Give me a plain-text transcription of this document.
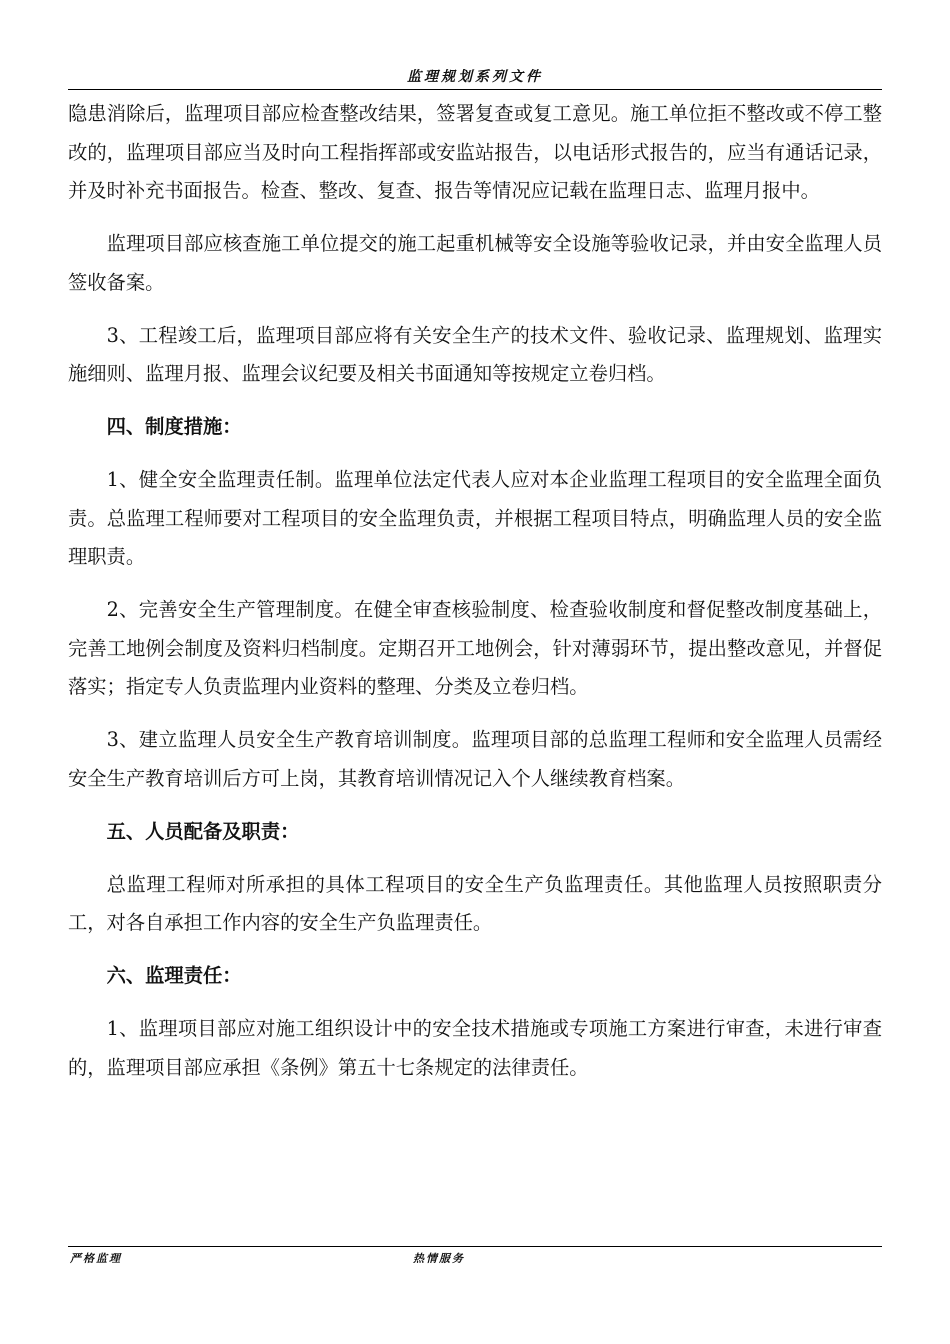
监理规划系列文件

隐患消除后，监理项目部应检查整改结果，签署复查或复工意见。施工单位拒不整改或不停工整改的，监理项目部应当及时向工程指挥部或安监站报告，以电话形式报告的，应当有通话记录，并及时补充书面报告。检查、整改、复查、报告等情况应记载在监理日志、监理月报中。

监理项目部应核查施工单位提交的施工起重机械等安全设施等验收记录，并由安全监理人员签收备案。

3、工程竣工后，监理项目部应将有关安全生产的技术文件、验收记录、监理规划、监理实施细则、监理月报、监理会议纪要及相关书面通知等按规定立卷归档。

四、制度措施：

1、健全安全监理责任制。监理单位法定代表人应对本企业监理工程项目的安全监理全面负责。总监理工程师要对工程项目的安全监理负责，并根据工程项目特点，明确监理人员的安全监理职责。

2、完善安全生产管理制度。在健全审查核验制度、检查验收制度和督促整改制度基础上，完善工地例会制度及资料归档制度。定期召开工地例会，针对薄弱环节，提出整改意见，并督促落实；指定专人负责监理内业资料的整理、分类及立卷归档。

3、建立监理人员安全生产教育培训制度。监理项目部的总监理工程师和安全监理人员需经安全生产教育培训后方可上岗，其教育培训情况记入个人继续教育档案。

五、人员配备及职责：

总监理工程师对所承担的具体工程项目的安全生产负监理责任。其他监理人员按照职责分工，对各自承担工作内容的安全生产负监理责任。

六、监理责任：

1、监理项目部应对施工组织设计中的安全技术措施或专项施工方案进行审查，未进行审查的，监理项目部应承担《条例》第五十七条规定的法律责任。

严格监理	热情服务
